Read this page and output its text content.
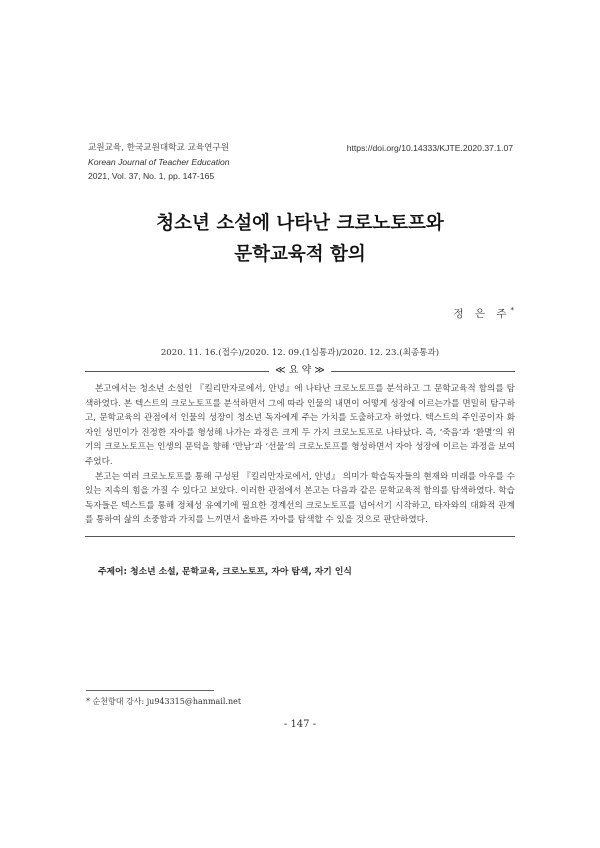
교원교육, 한국교원대학교 교육연구원
Korean Journal of Teacher Education
2021, Vol. 37, No. 1, pp. 147-165
https://doi.org/10.14333/KJTE.2020.37.1.07
청소년 소설에 나타난 크로노토프와
문학교육적 함의
정 은 주*
2020. 11. 16.(접수)/2020. 12. 09.(1심통과)/2020. 12. 23.(최종통과)
≪ 요 약 ≫

본고에서는 청소년 소설인 『킬리만자로에서, 안녕』에 나타난 크로노토프를 분석하고 그 문학교육적 함의를 탐색하였다. 본 텍스트의 크로노토프를 분석하면서 그에 따라 인물의 내면이 어떻게 성장에 이르는가를 면밀히 탐구하고, 문학교육의 관점에서 인물의 성장이 청소년 독자에게 주는 가치를 도출하고자 하였다. 텍스트의 주인공이자 화자인 성민이가 진정한 자아를 형성해 나가는 과정은 크게 두 가지 크로노토프로 나타났다. 즉, ‘죽음’과 ‘환멸’의 위기의 크로노토프는 인생의 문턱을 향해 ‘만남’과 ‘선물’의 크로노토프를 형성하면서 자아 성장에 이르는 과정을 보여주었다.

본고는 여러 크로노토프를 통해 구성된 『킬리만자로에서, 안녕』 의미가 학습독자들의 현재와 미래를 아우를 수 있는 지속의 힘을 가질 수 있다고 보았다. 이러한 관점에서 본고는 다음과 같은 문학교육적 함의를 탐색하였다. 학습독자들은 텍스트를 통해 정체성 유예기에 필요한 경계선의 크로노토프를 넘어서기 시작하고, 타자와의 대화적 관계를 통하여 삶의 소중함과 가치를 느끼면서 올바른 자아를 탐색할 수 있을 것으로 판단하였다.

주제어: 청소년 소설, 문학교육, 크로노토프, 자아 탐색, 자기 인식
* 순천향대 강사: ju943315@hanmail.net
- 147 -
